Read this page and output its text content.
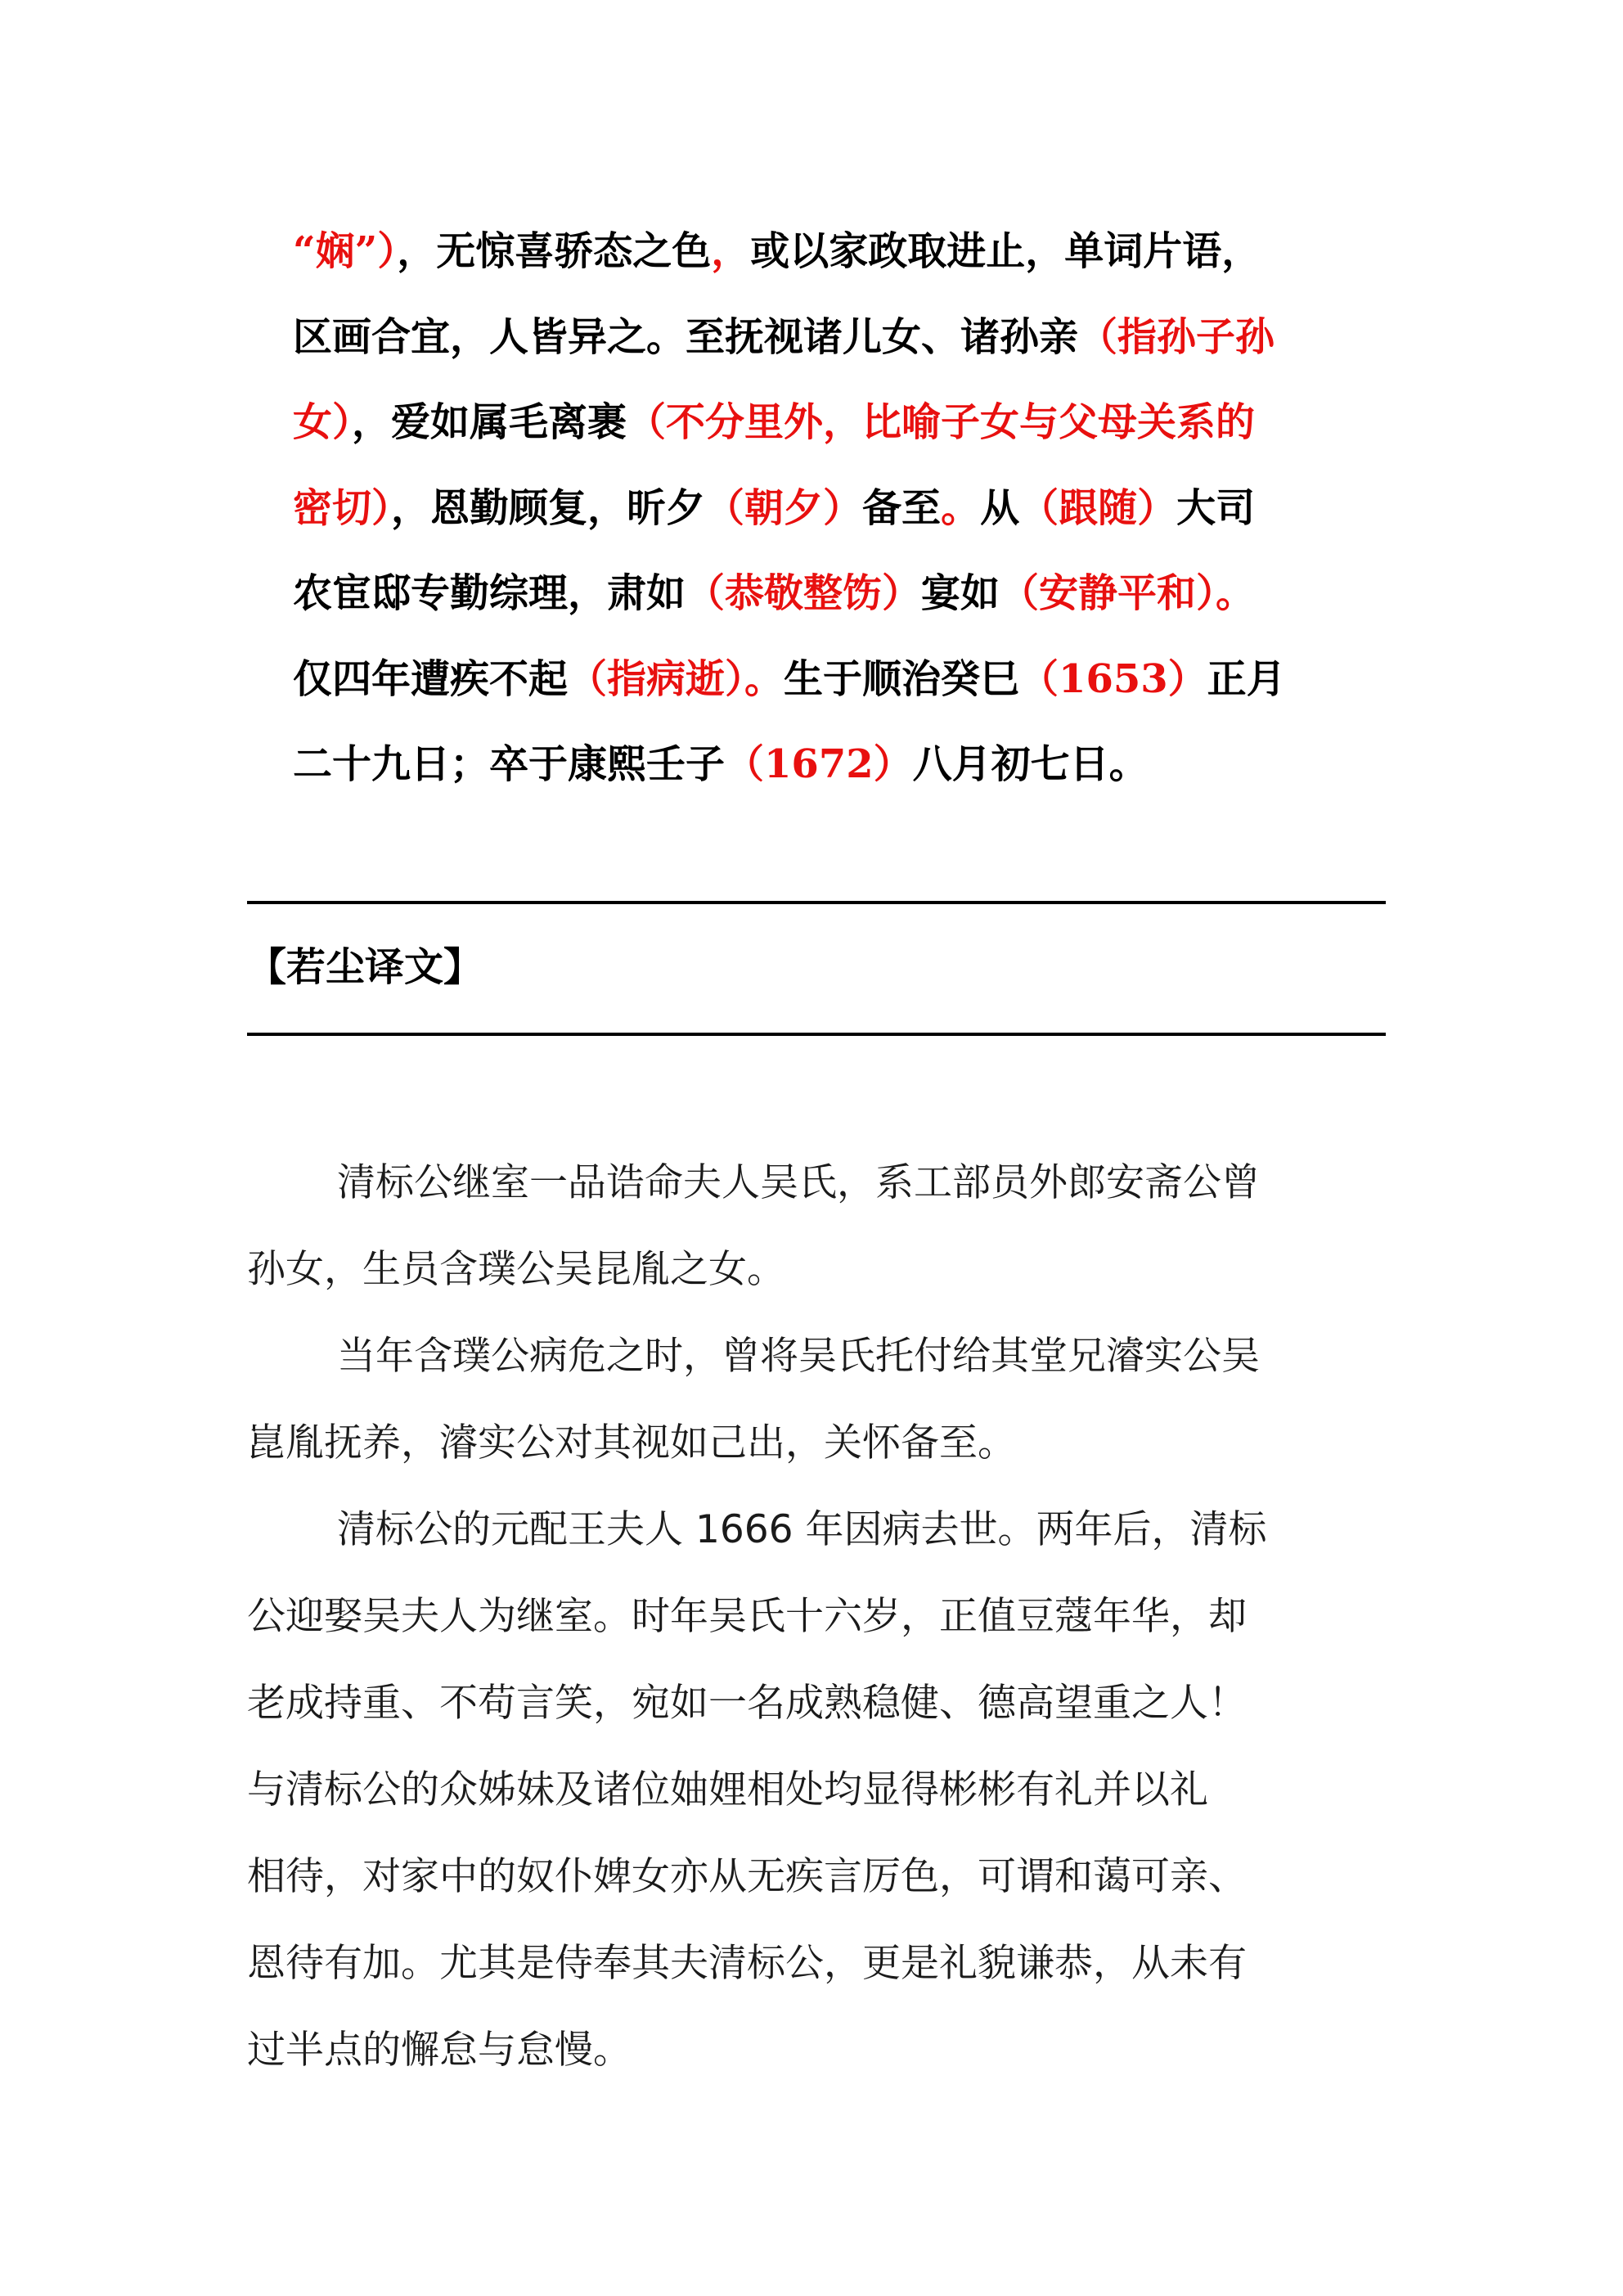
“娴”），无惊喜骄态之色，或以家政取进止，单词片语，
区画合宜，人皆异之。至抚视诸儿女、诸孙亲（指孙子孙
女），爱如属毛离裹（不分里外，比喻子女与父母关系的
密切），恩勤顾复，昕夕（朝夕）备至。从（跟随）大司
农宦邸专勤综理，肃如（恭敬整饬）宴如（安静平和）。
仅四年遭疾不起（指病逝）。生于顺治癸巳（1653）正月
二十九日；卒于康熙壬子（1672）八月初七日。
【若尘译文】
清标公继室一品诰命夫人吴氏，系工部员外郎安斋公曾
孙女，生员含璞公吴昆胤之女。
当年含璞公病危之时，曾将吴氏托付给其堂兄濬实公吴
崑胤抚养，濬实公对其视如己出，关怀备至。
清标公的元配王夫人 1666 年因病去世。两年后，清标
公迎娶吴夫人为继室。时年吴氏十六岁，正值豆蔻年华，却
老成持重、不苟言笑，宛如一名成熟稳健、德高望重之人！
与清标公的众姊妹及诸位妯娌相处均显得彬彬有礼并以礼
相待，对家中的奴仆婢女亦从无疾言厉色，可谓和蔼可亲、
恩待有加。尤其是侍奉其夫清标公，更是礼貌谦恭，从未有
过半点的懈怠与怠慢。
